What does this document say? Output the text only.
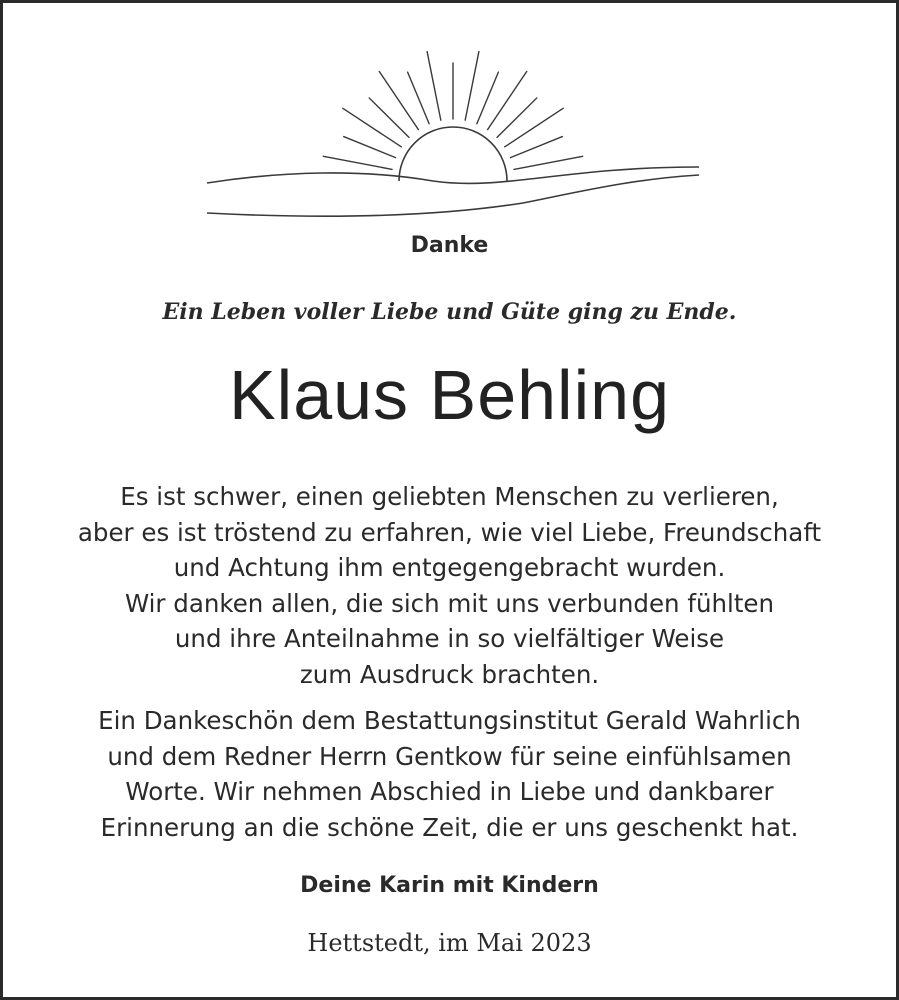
Danke
Ein Leben voller Liebe und Güte ging zu Ende.
Klaus Behling
Es ist schwer, einen geliebten Menschen zu verlieren,
aber es ist tröstend zu erfahren, wie viel Liebe, Freundschaft
und Achtung ihm entgegengebracht wurden.
Wir danken allen, die sich mit uns verbunden fühlten
und ihre Anteilnahme in so vielfältiger Weise
zum Ausdruck brachten.
Ein Dankeschön dem Bestattungsinstitut Gerald Wahrlich
und dem Redner Herrn Gentkow für seine einfühlsamen
Worte. Wir nehmen Abschied in Liebe und dankbarer
Erinnerung an die schöne Zeit, die er uns geschenkt hat.
Deine Karin mit Kindern
Hettstedt, im Mai 2023
